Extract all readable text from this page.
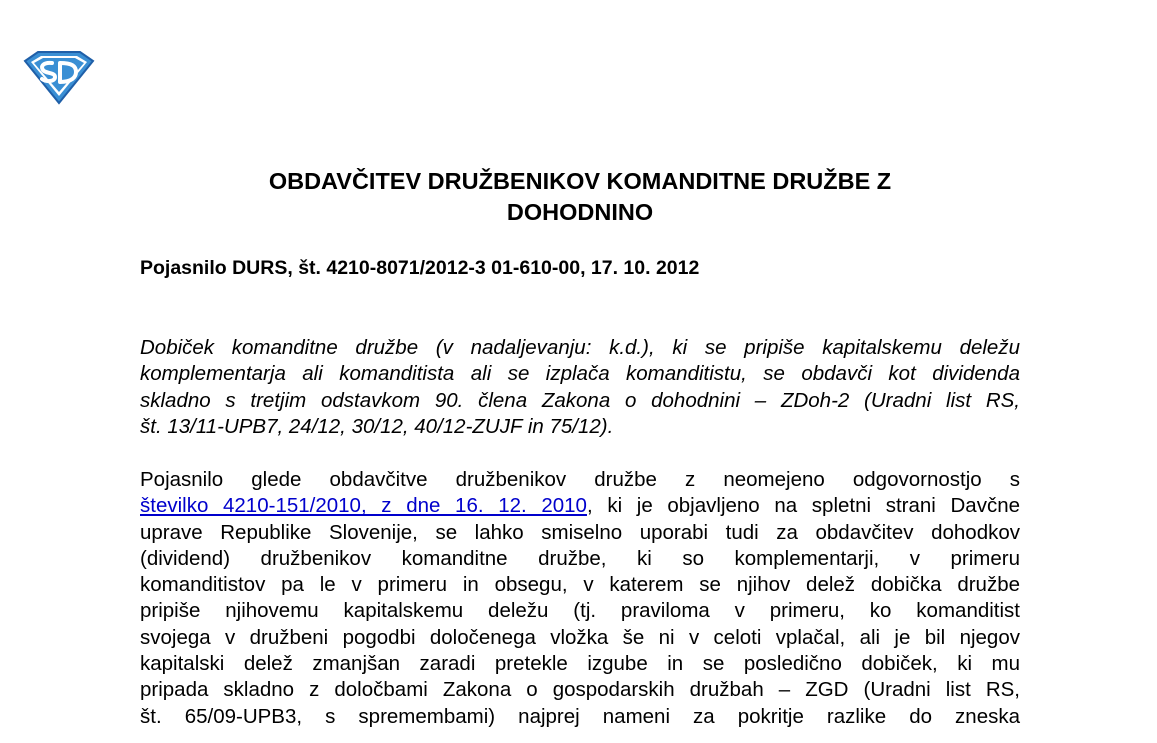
OBDAVČITEV DRUŽBENIKOV KOMANDITNE DRUŽBE Z
DOHODNINO

Pojasnilo DURS, št. 4210-8071/2012-3 01-610-00, 17. 10. 2012

Dobiček komanditne družbe (v nadaljevanju: k.d.), ki se pripiše kapitalskemu deležu
komplementarja ali komanditista ali se izplača komanditistu, se obdavči kot dividenda
skladno s tretjim odstavkom 90. člena Zakona o dohodnini – ZDoh-2 (Uradni list RS,
št. 13/11-UPB7, 24/12, 30/12, 40/12-ZUJF in 75/12).

Pojasnilo glede obdavčitve družbenikov družbe z neomejeno odgovornostjo s
številko 4210-151/2010, z dne 16. 12. 2010, ki je objavljeno na spletni strani Davčne
uprave Republike Slovenije, se lahko smiselno uporabi tudi za obdavčitev dohodkov
(dividend) družbenikov komanditne družbe, ki so komplementarji, v primeru
komanditistov pa le v primeru in obsegu, v katerem se njihov delež dobička družbe
pripiše njihovemu kapitalskemu deležu (tj. praviloma v primeru, ko komanditist
svojega v družbeni pogodbi določenega vložka še ni v celoti vplačal, ali je bil njegov
kapitalski delež zmanjšan zaradi pretekle izgube in se posledično dobiček, ki mu
pripada skladno z določbami Zakona o gospodarskih družbah – ZGD (Uradni list RS,
št. 65/09-UPB3, s spremembami) najprej nameni za pokritje razlike do zneska
